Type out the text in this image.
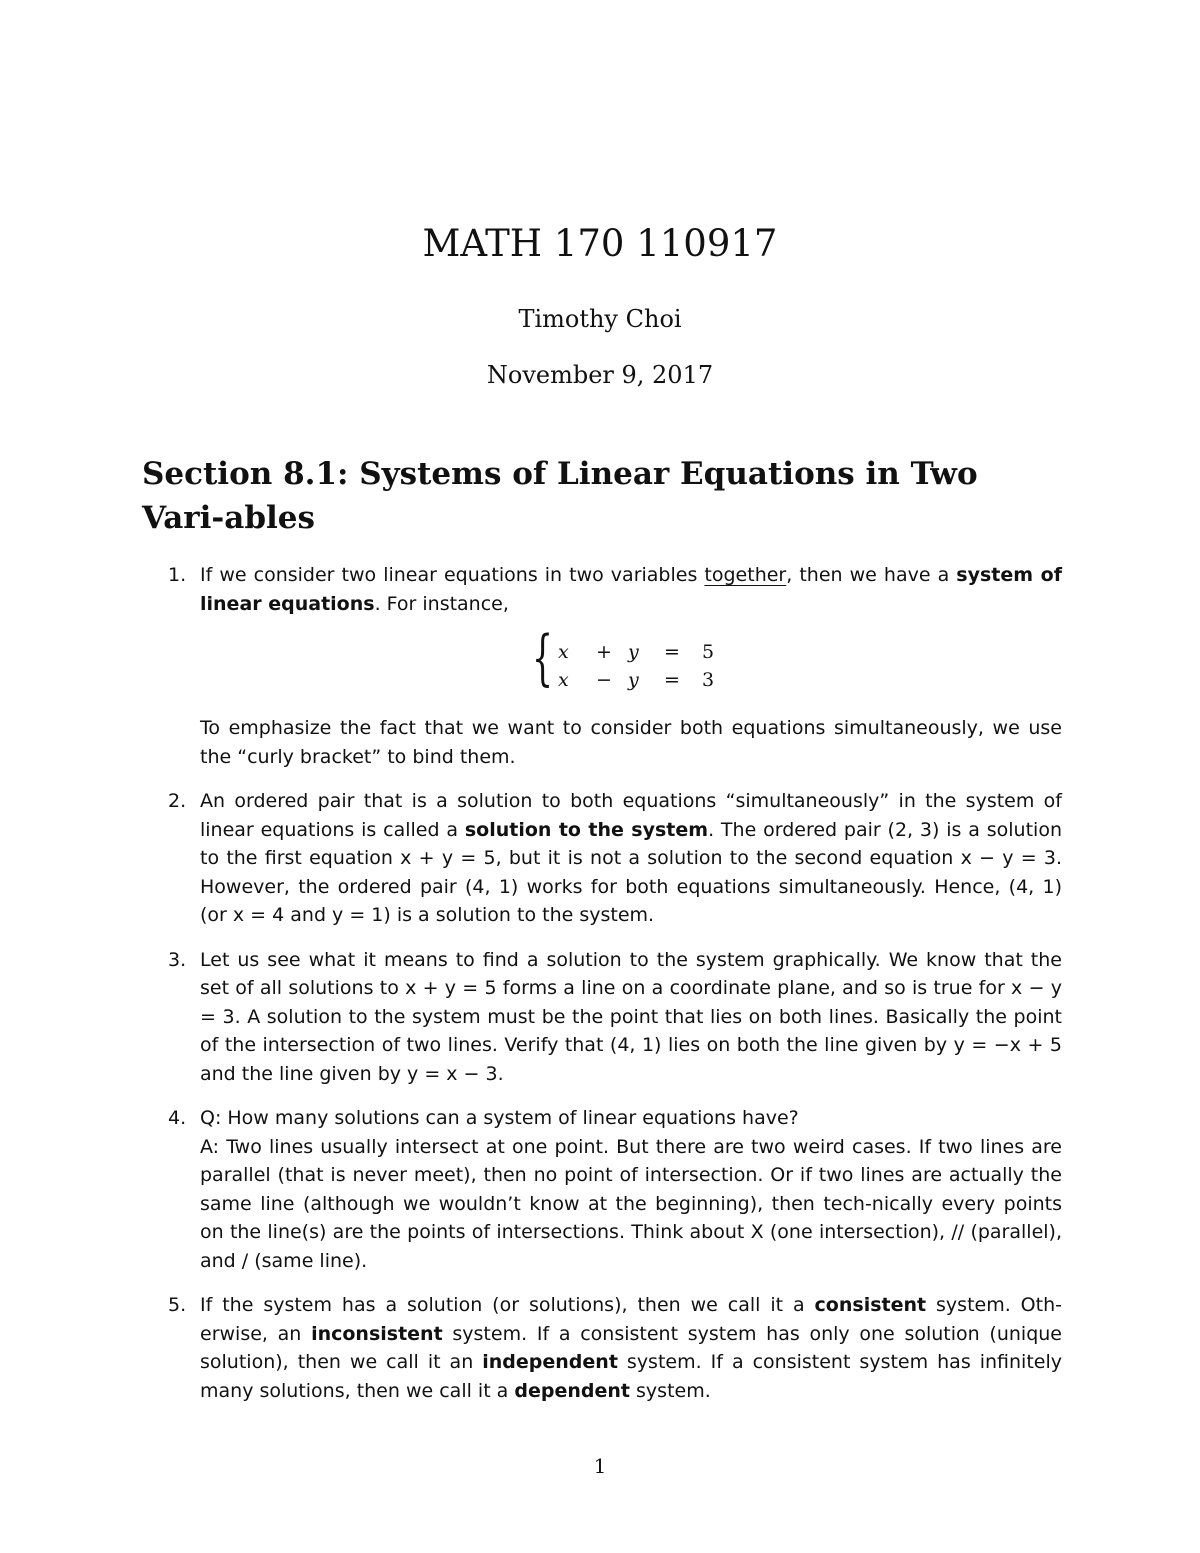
MATH 170 110917
Timothy Choi
November 9, 2017
Section 8.1: Systems of Linear Equations in Two Vari-ables
1. If we consider two linear equations in two variables together, then we have a system of linear equations. For instance,

{ x + y = 5
x − y = 3

To emphasize the fact that we want to consider both equations simultaneously, we use the “curly bracket” to bind them.

2. An ordered pair that is a solution to both equations “simultaneously” in the system of linear equations is called a solution to the system. The ordered pair (2, 3) is a solution to the first equation x + y = 5, but it is not a solution to the second equation x − y = 3. However, the ordered pair (4, 1) works for both equations simultaneously. Hence, (4, 1) (or x = 4 and y = 1) is a solution to the system.

3. Let us see what it means to find a solution to the system graphically. We know that the set of all solutions to x + y = 5 forms a line on a coordinate plane, and so is true for x − y = 3. A solution to the system must be the point that lies on both lines. Basically the point of the intersection of two lines. Verify that (4, 1) lies on both the line given by y = −x + 5 and the line given by y = x − 3.

4. Q: How many solutions can a system of linear equations have?

A: Two lines usually intersect at one point. But there are two weird cases. If two lines are parallel (that is never meet), then no point of intersection. Or if two lines are actually the same line (although we wouldn’t know at the beginning), then tech-nically every points on the line(s) are the points of intersections. Think about X (one intersection), // (parallel), and / (same line).

5. If the system has a solution (or solutions), then we call it a consistent system. Oth-erwise, an inconsistent system. If a consistent system has only one solution (unique solution), then we call it an independent system. If a consistent system has infinitely many solutions, then we call it a dependent system.

1
